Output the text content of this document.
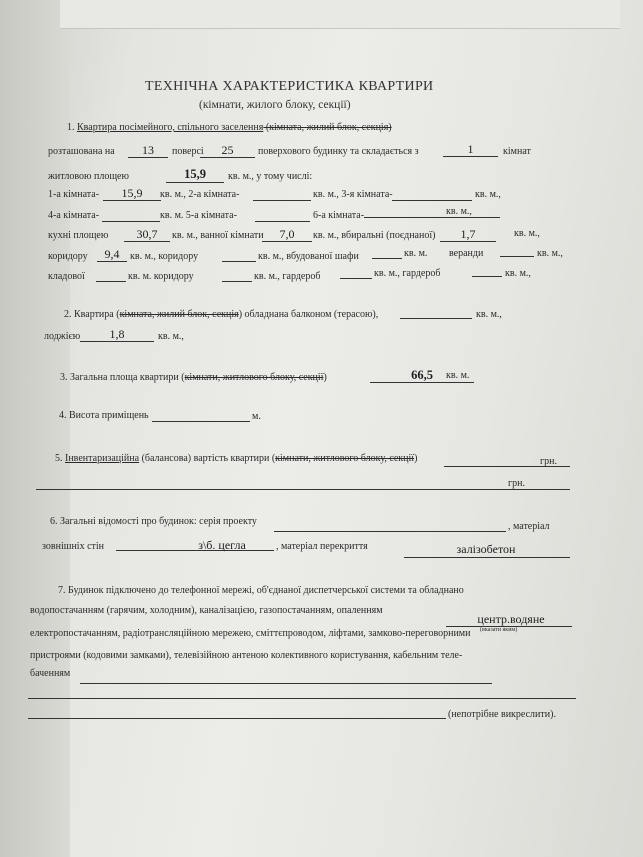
ТЕХНІЧНА ХАРАКТЕРИСТИКА КВАРТИРИ
(кімнати, жилого блоку, секції)
1. Квартира посімейного, спільного заселення (кімната, жилий блок, секція)
розташована на	13	поверсі	25	поверхового будинку та складається з	1	кімнат
житловою площею	15,9	кв. м., у тому числі:
1-а кімната-	15,9	кв. м., 2-а кімната-	кв. м., 3-я кімната-	кв. м.,
4-а кімната-	кв. м. 5-а кімната-	6-а кімната-	кв. м.,
кухні площею	30,7	кв. м., ванної кімнати	7,0	кв. м., вбиральні (поєднаної)	1,7	кв. м.,
коридору	9,4	кв. м., коридору	кв. м., вбудованої шафи	кв. м. веранди	кв. м.,
кладової	кв. м. коридору	кв. м., гардероб	кв. м., гардероб	кв. м.,
2. Квартира (кімната, жилий блок, секція) обладнана балконом (терасою),	кв. м.,
лоджією	1,8	кв. м.,
3. Загальна площа квартири (кімнати, житлового блоку, секції)	66,5	кв. м.
4. Висота приміщень	м.
5. Інвентаризаційна (балансова) вартість квартири (кімнати, житлового блоку, секції)	грн.
грн.
6. Загальні відомості про будинок: серія проекту	, матеріал
зовнішніх стін	з\б. цегла	, матеріал перекриття	залізобетон
7. Будинок підключено до телефонної мережі, об'єднаної диспетчерської системи та обладнано
водопостачанням (гарячим, холодним), каналізацією, газопостачанням, опаленням
центр.водяне
(вказати яким)
електропостачанням, радіотрансляційною мережею, сміттєпроводом, ліфтами, замково-переговорними
пристроями (кодовими замками), телевізійною антеною колективного користування, кабельним теле-
баченням
(непотрібне викреслити).
